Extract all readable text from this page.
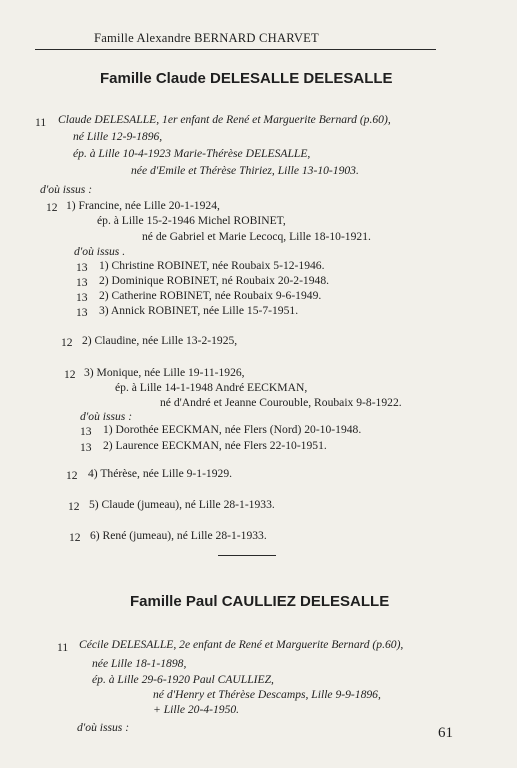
Famille Alexandre BERNARD CHARVET
Famille Claude DELESALLE DELESALLE
11 Claude DELESALLE, 1er enfant de René et Marguerite Bernard (p.60),
né Lille 12-9-1896,
ép. à Lille 10-4-1923 Marie-Thérèse DELESALLE,
née d'Emile et Thérèse Thiriez, Lille 13-10-1903.
d'où issus :
12 1) Francine, née Lille 20-1-1924,
ép. à Lille 15-2-1946 Michel ROBINET,
né de Gabriel et Marie Lecocq, Lille 18-10-1921.
d'où issus .
13 1) Christine ROBINET, née Roubaix 5-12-1946.
13 2) Dominique ROBINET, né Roubaix 20-2-1948.
13 2) Catherine ROBINET, née Roubaix 9-6-1949.
13 3) Annick ROBINET, née Lille 15-7-1951.
12 2) Claudine, née Lille 13-2-1925,
12 3) Monique, née Lille 19-11-1926,
ép. à Lille 14-1-1948 André EECKMAN,
né d'André et Jeanne Courouble, Roubaix 9-8-1922.
d'où issus :
13 1) Dorothée EECKMAN, née Flers (Nord) 20-10-1948.
13 2) Laurence EECKMAN, née Flers 22-10-1951.
12 4) Thérèse, née Lille 9-1-1929.
12 5) Claude (jumeau), né Lille 28-1-1933.
12 6) René (jumeau), né Lille 28-1-1933.
Famille Paul CAULLIEZ DELESALLE
11 Cécile DELESALLE, 2e enfant de René et Marguerite Bernard (p.60),
née Lille 18-1-1898,
ép. à Lille 29-6-1920 Paul CAULLIEZ,
né d'Henry et Thérèse Descamps, Lille 9-9-1896,
+ Lille 20-4-1950.
d'où issus :	61
